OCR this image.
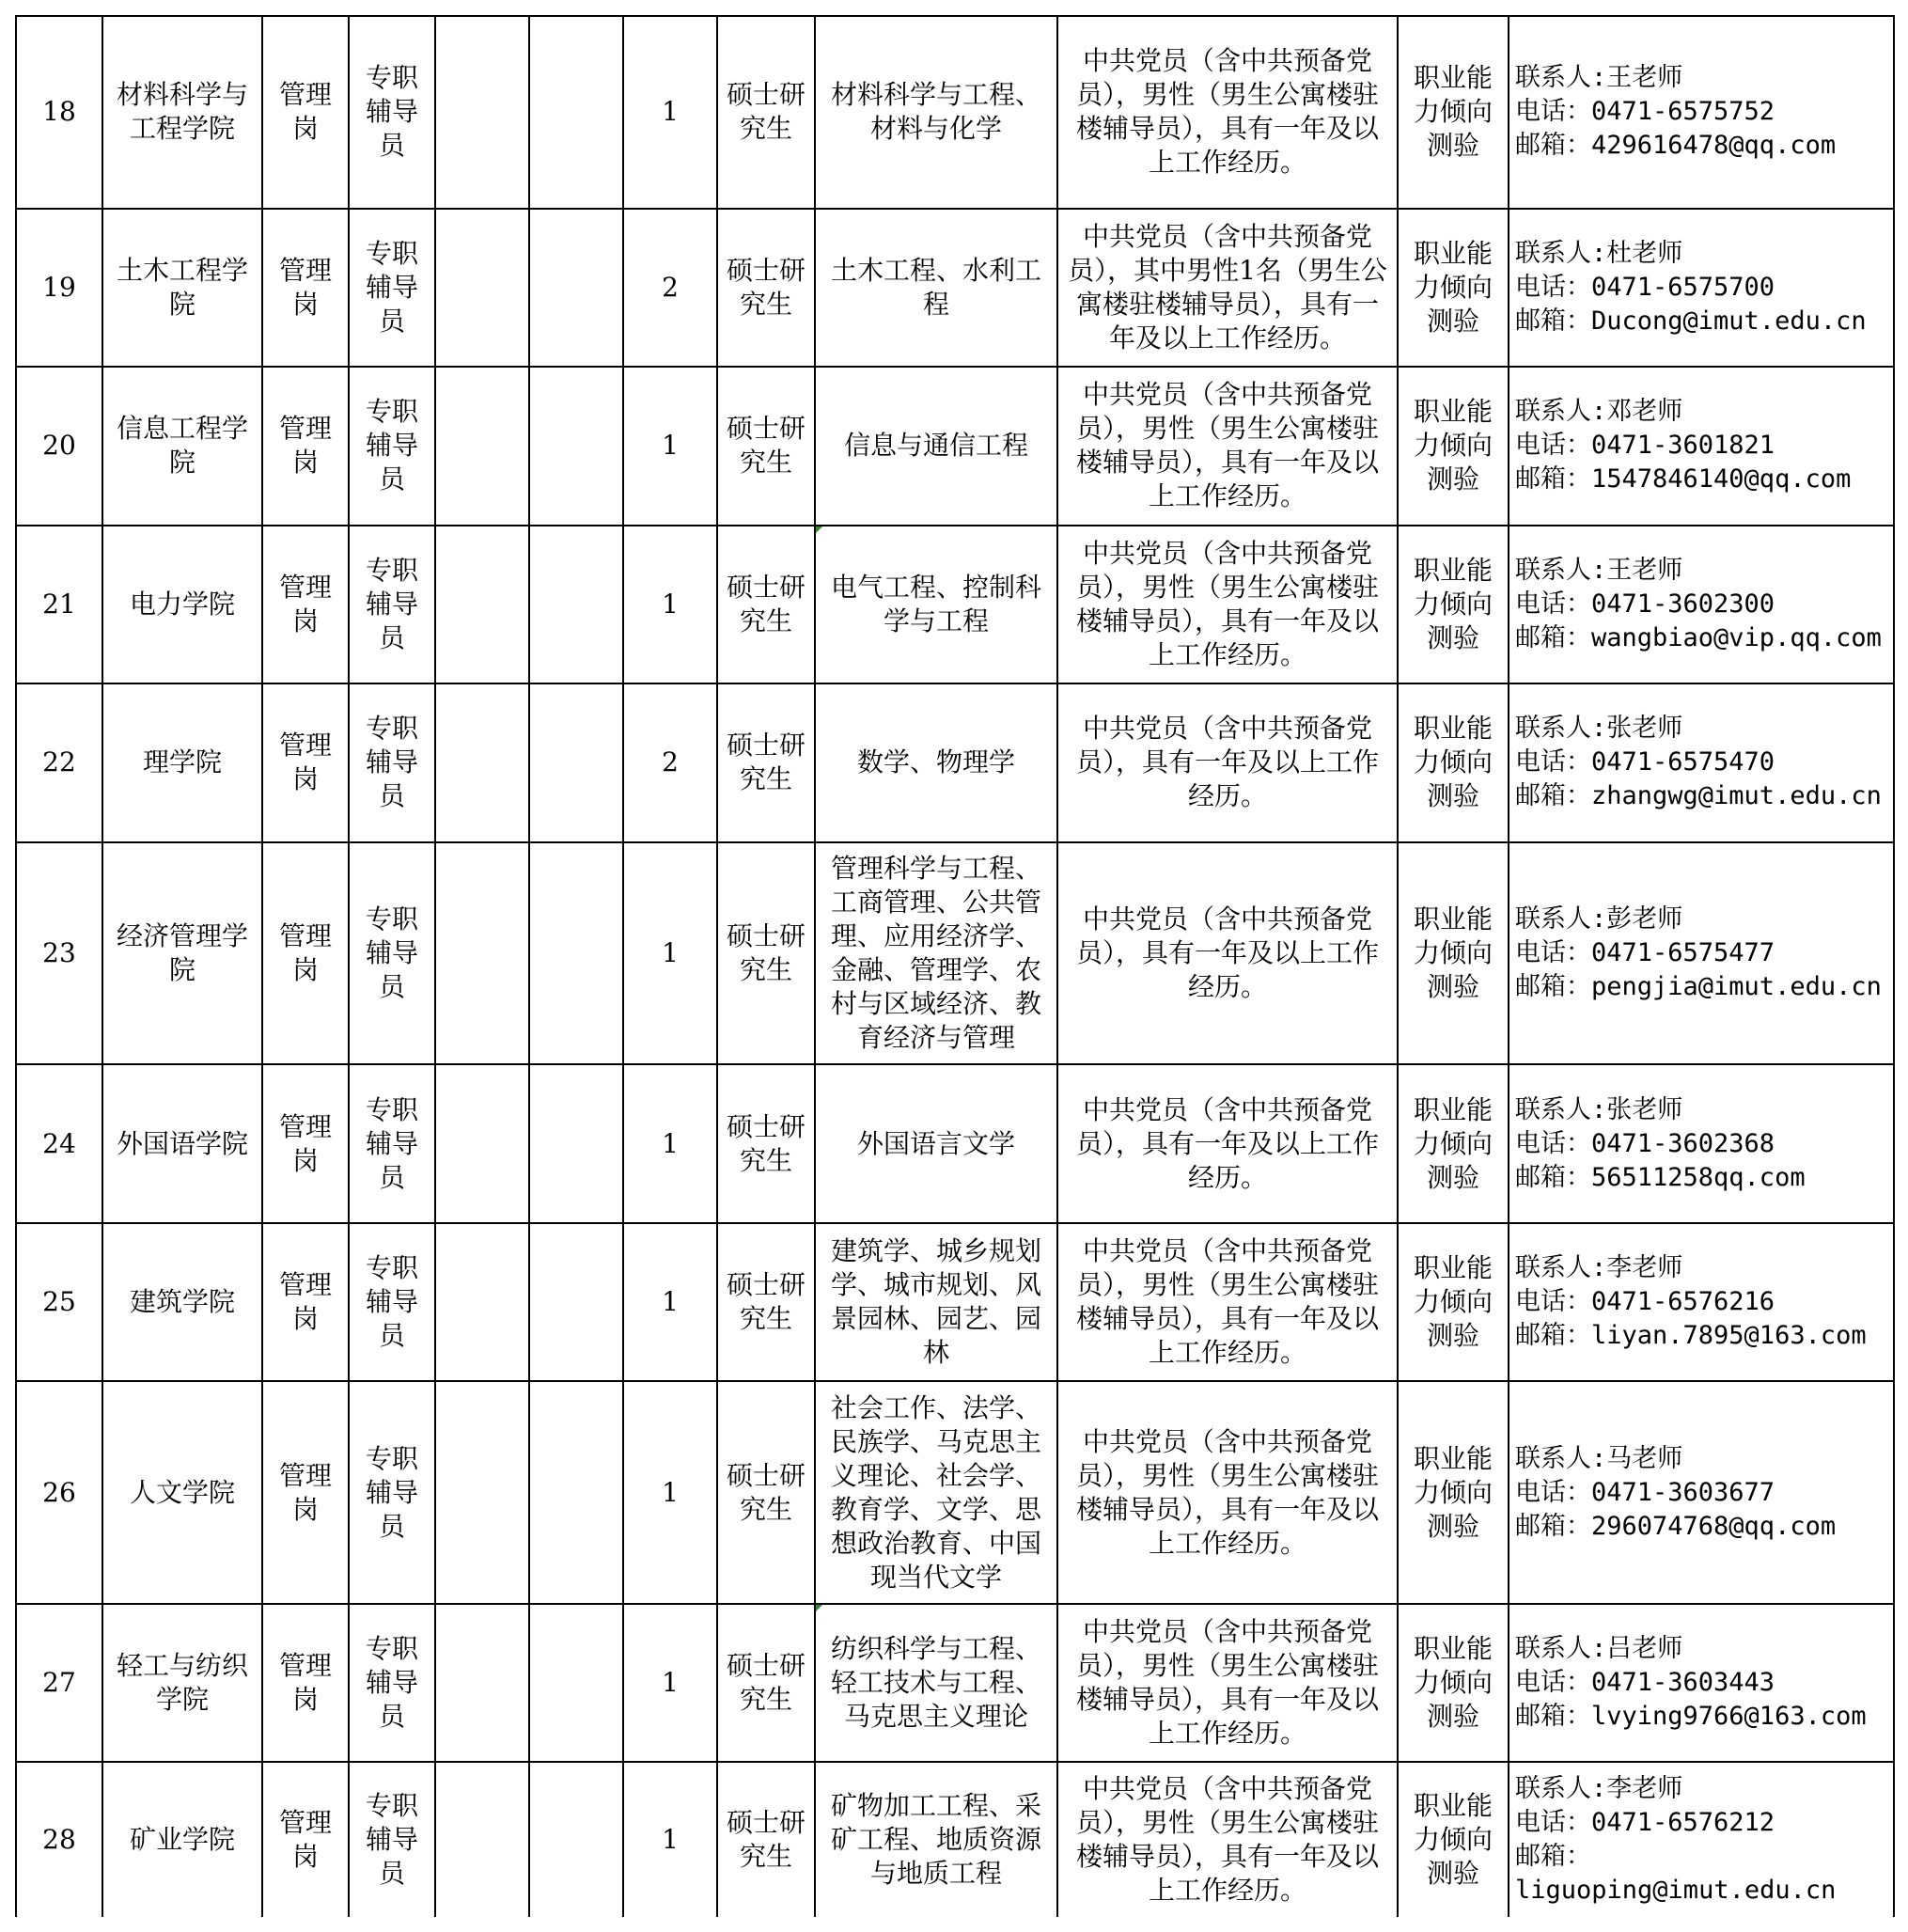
18	材料科学与工程学院	管理岗	专职辅导员			1	硕士研究生	材料科学与工程、材料与化学	中共党员（含中共预备党员），男性（男生公寓楼驻楼辅导员），具有一年及以上工作经历。	职业能力倾向测验	联系人:王老师
电话：0471-6575752
邮箱：429616478@qq.com

19	土木工程学院	管理岗	专职辅导员			2	硕士研究生	土木工程、水利工程	中共党员（含中共预备党员），其中男性1名（男生公寓楼驻楼辅导员），具有一年及以上工作经历。	职业能力倾向测验	联系人:杜老师
电话：0471-6575700
邮箱：Ducong@imut.edu.cn

20	信息工程学院	管理岗	专职辅导员			1	硕士研究生	信息与通信工程	中共党员（含中共预备党员），男性（男生公寓楼驻楼辅导员），具有一年及以上工作经历。	职业能力倾向测验	联系人:邓老师
电话：0471-3601821
邮箱：1547846140@qq.com

21	电力学院	管理岗	专职辅导员			1	硕士研究生	电气工程、控制科学与工程	中共党员（含中共预备党员），男性（男生公寓楼驻楼辅导员），具有一年及以上工作经历。	职业能力倾向测验	联系人:王老师
电话：0471-3602300
邮箱：wangbiao@vip.qq.com

22	理学院	管理岗	专职辅导员			2	硕士研究生	数学、物理学	中共党员（含中共预备党员），具有一年及以上工作经历。	职业能力倾向测验	联系人:张老师
电话：0471-6575470
邮箱：zhangwg@imut.edu.cn

23	经济管理学院	管理岗	专职辅导员			1	硕士研究生	管理科学与工程、工商管理、公共管理、应用经济学、金融、管理学、农村与区域经济、教育经济与管理	中共党员（含中共预备党员），具有一年及以上工作经历。	职业能力倾向测验	联系人:彭老师
电话：0471-6575477
邮箱：pengjia@imut.edu.cn

24	外国语学院	管理岗	专职辅导员			1	硕士研究生	外国语言文学	中共党员（含中共预备党员），具有一年及以上工作经历。	职业能力倾向测验	联系人:张老师
电话：0471-3602368
邮箱：56511258qq.com

25	建筑学院	管理岗	专职辅导员			1	硕士研究生	建筑学、城乡规划学、城市规划、风景园林、园艺、园林	中共党员（含中共预备党员），男性（男生公寓楼驻楼辅导员），具有一年及以上工作经历。	职业能力倾向测验	联系人:李老师
电话：0471-6576216
邮箱：liyan.7895@163.com

26	人文学院	管理岗	专职辅导员			1	硕士研究生	社会工作、法学、民族学、马克思主义理论、社会学、教育学、文学、思想政治教育、中国现当代文学	中共党员（含中共预备党员），男性（男生公寓楼驻楼辅导员），具有一年及以上工作经历。	职业能力倾向测验	联系人:马老师
电话：0471-3603677
邮箱：296074768@qq.com

27	轻工与纺织学院	管理岗	专职辅导员			1	硕士研究生	纺织科学与工程、轻工技术与工程、马克思主义理论	中共党员（含中共预备党员），男性（男生公寓楼驻楼辅导员），具有一年及以上工作经历。	职业能力倾向测验	联系人:吕老师
电话：0471-3603443
邮箱：lvying9766@163.com

28	矿业学院	管理岗	专职辅导员			1	硕士研究生	矿物加工工程、采矿工程、地质资源与地质工程	中共党员（含中共预备党员），男性（男生公寓楼驻楼辅导员），具有一年及以上工作经历。	职业能力倾向测验	联系人:李老师
电话：0471-6576212
邮箱：
liguoping@imut.edu.cn
